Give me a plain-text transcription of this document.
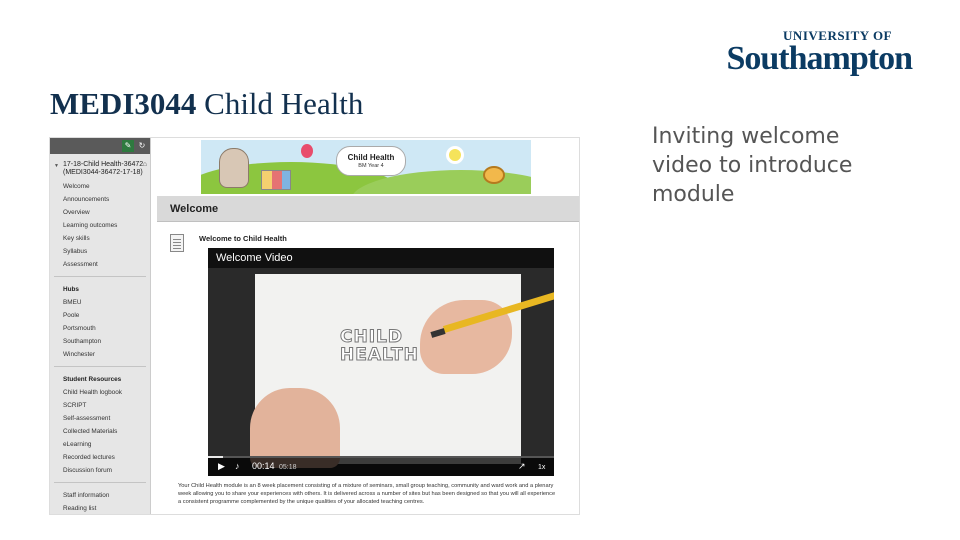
UNIVERSITY OF
Southampton
MEDI3044 Child Health
Inviting welcome video to introduce module
✎ ↻
▼ 17-18-Child Health-36472 (MEDI3044-36472-17-18)
⌂
Welcome
Announcements
Overview
Learning outcomes
Key skills
Syllabus
Assessment
Hubs
BMEU
Poole
Portsmouth
Southampton
Winchester
Student Resources
Child Health logbook
SCRIPT
Self-assessment
Collected Materials
eLearning
Recorded lectures
Discussion forum
Staff information
Reading list
Child Health
BM Year 4
Welcome
Welcome to Child Health
CHILD
HEALTH
Welcome Video
▶ ♪ 00:14 05:18	↗ 1x
Your Child Health module is an 8 week placement consisting of a mixture of seminars, small group teaching, community and ward work and a plenary week allowing you to share your experiences with others. It is delivered across a number of sites but has been designed so that you will all experience a consistent programme complemented by the unique qualities of your allocated teaching centres.
